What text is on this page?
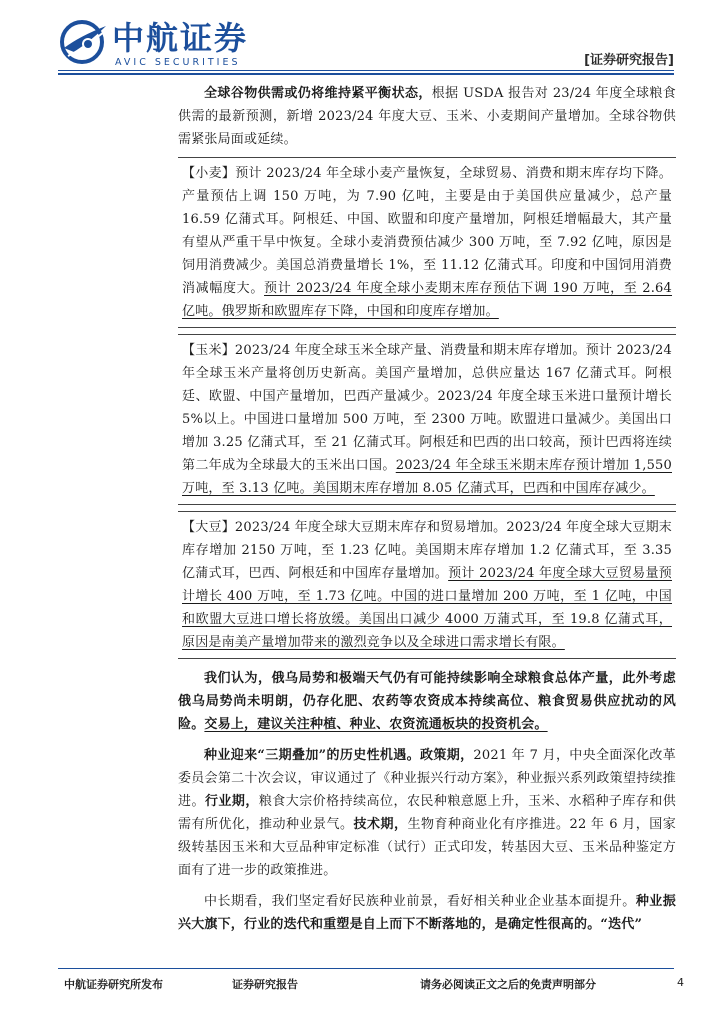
中航证券
AVIC SECURITIES	[证券研究报告]

全球谷物供需或仍将维持紧平衡状态，根据 USDA 报告对 23/24 年度全球粮食供需的最新预测，新增 2023/24 年度大豆、玉米、小麦期间产量增加。全球谷物供需紧张局面或延续。

【小麦】预计 2023/24 年全球小麦产量恢复，全球贸易、消费和期末库存均下降。产量预估上调 150 万吨，为 7.90 亿吨，主要是由于美国供应量减少，总产量 16.59 亿蒲式耳。阿根廷、中国、欧盟和印度产量增加，阿根廷增幅最大，其产量有望从严重干旱中恢复。全球小麦消费预估减少 300 万吨，至 7.92 亿吨，原因是饲用消费减少。美国总消费量增长 1%，至 11.12 亿蒲式耳。印度和中国饲用消费消减幅度大。预计 2023/24 年度全球小麦期末库存预估下调 190 万吨，至 2.64 亿吨。俄罗斯和欧盟库存下降，中国和印度库存增加。

【玉米】2023/24 年度全球玉米全球产量、消费量和期末库存增加。预计 2023/24 年全球玉米产量将创历史新高。美国产量增加，总供应量达 167 亿蒲式耳。阿根廷、欧盟、中国产量增加，巴西产量减少。2023/24 年度全球玉米进口量预计增长 5%以上。中国进口量增加 500 万吨，至 2300 万吨。欧盟进口量减少。美国出口增加 3.25 亿蒲式耳，至 21 亿蒲式耳。阿根廷和巴西的出口较高，预计巴西将连续第二年成为全球最大的玉米出口国。2023/24 年全球玉米期末库存预计增加 1,550 万吨，至 3.13 亿吨。美国期末库存增加 8.05 亿蒲式耳，巴西和中国库存减少。

【大豆】2023/24 年度全球大豆期末库存和贸易增加。2023/24 年度全球大豆期末库存增加 2150 万吨，至 1.23 亿吨。美国期末库存增加 1.2 亿蒲式耳，至 3.35 亿蒲式耳，巴西、阿根廷和中国库存量增加。预计 2023/24 年度全球大豆贸易量预计增长 400 万吨，至 1.73 亿吨。中国的进口量增加 200 万吨，至 1 亿吨，中国和欧盟大豆进口增长将放缓。美国出口减少 4000 万蒲式耳，至 19.8 亿蒲式耳，原因是南美产量增加带来的激烈竞争以及全球进口需求增长有限。

我们认为，俄乌局势和极端天气仍有可能持续影响全球粮食总体产量，此外考虑俄乌局势尚未明朗，仍存化肥、农药等农资成本持续高位、粮食贸易供应扰动的风险。交易上，建议关注种植、种业、农资流通板块的投资机会。

种业迎来“三期叠加”的历史性机遇。政策期，2021 年 7 月，中央全面深化改革委员会第二十次会议，审议通过了《种业振兴行动方案》，种业振兴系列政策望持续推进。行业期，粮食大宗价格持续高位，农民种粮意愿上升，玉米、水稻种子库存和供需有所优化，推动种业景气。技术期，生物育种商业化有序推进。22 年 6 月，国家级转基因玉米和大豆品种审定标准（试行）正式印发，转基因大豆、玉米品种鉴定方面有了进一步的政策推进。

中长期看，我们坚定看好民族种业前景，看好相关种业企业基本面提升。种业振兴大旗下，行业的迭代和重塑是自上而下不断落地的，是确定性很高的。“迭代”

中航证券研究所发布	证券研究报告	请务必阅读正文之后的免责声明部分	4
